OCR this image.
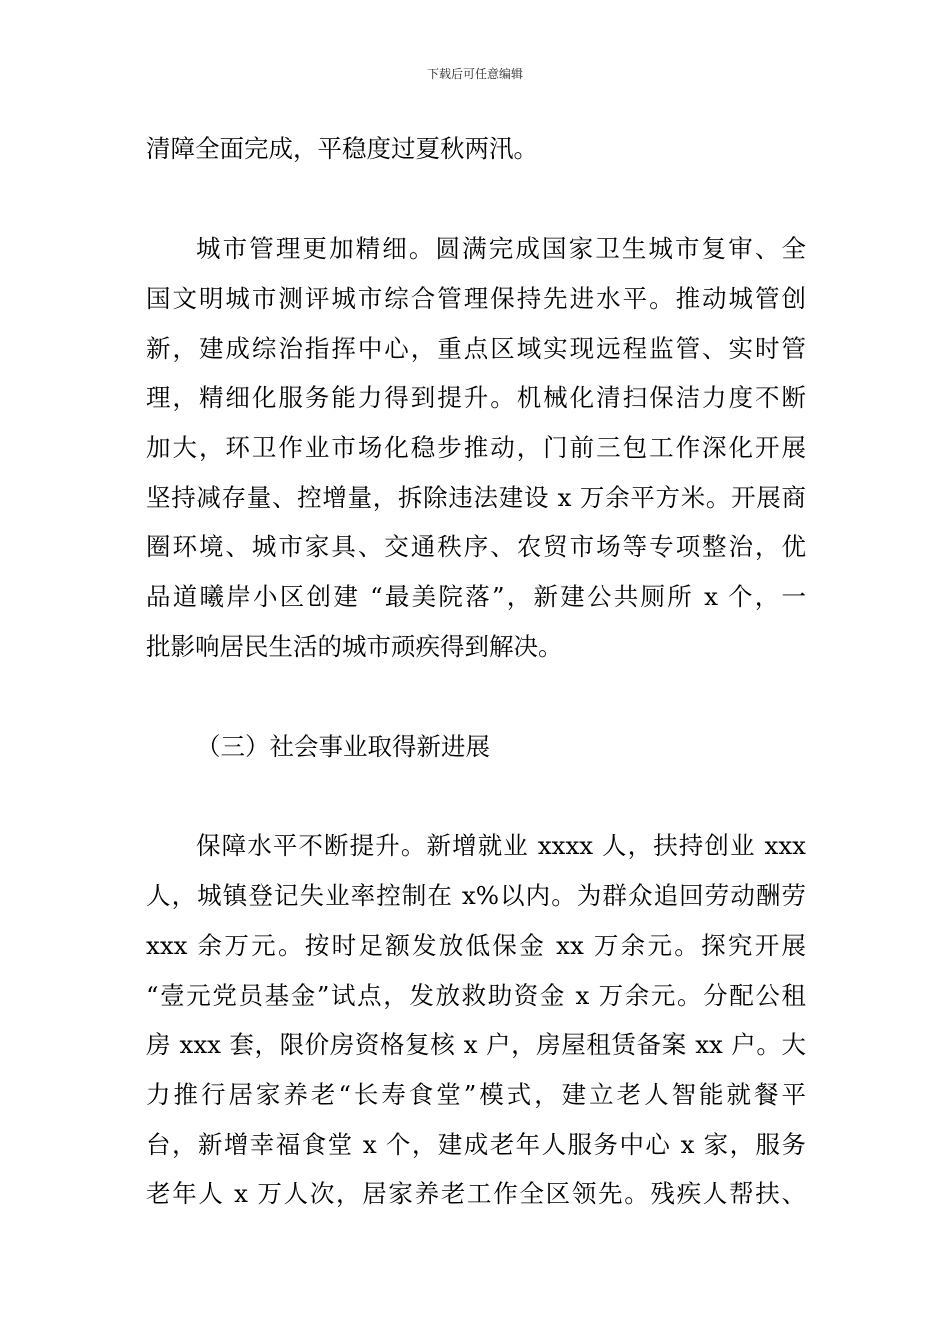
下载后可任意编辑
清障全面完成，平稳度过夏秋两汛。
城市管理更加精细。圆满完成国家卫生城市复审、全
国文明城市测评城市综合管理保持先进水平。推动城管创
新，建成综治指挥中心，重点区域实现远程监管、实时管
理，精细化服务能力得到提升。机械化清扫保洁力度不断
加大，环卫作业市场化稳步推动，门前三包工作深化开展
坚持减存量、控增量，拆除违法建设 x 万余平方米。开展商
圈环境、城市家具、交通秩序、农贸市场等专项整治，优
品道曦岸小区创建 “最美院落”，新建公共厕所 x 个，一
批影响居民生活的城市顽疾得到解决。
（三）社会事业取得新进展
保障水平不断提升。新增就业 xxxx 人，扶持创业 xxx
人，城镇登记失业率控制在 x%以内。为群众追回劳动酬劳
xxx 余万元。按时足额发放低保金 xx 万余元。探究开展
“壹元党员基金”试点，发放救助资金 x 万余元。分配公租
房 xxx 套，限价房资格复核 x 户，房屋租赁备案 xx 户。大
力推行居家养老“长寿食堂”模式，建立老人智能就餐平
台，新增幸福食堂 x 个，建成老年人服务中心 x 家，服务
老年人 x 万人次，居家养老工作全区领先。残疾人帮扶、
